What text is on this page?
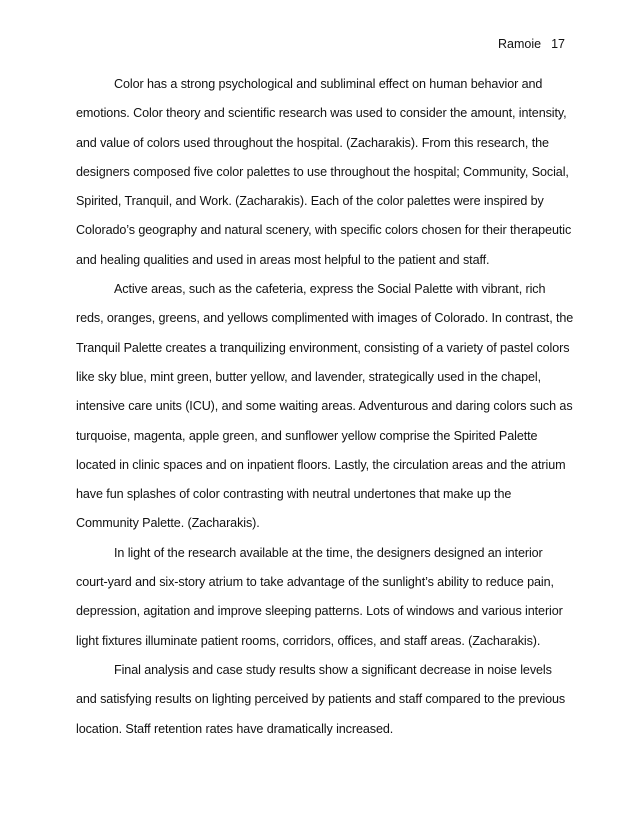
Ramoie 17

Color has a strong psychological and subliminal effect on human behavior and emotions. Color theory and scientific research was used to consider the amount, intensity, and value of colors used throughout the hospital. (Zacharakis). From this research, the designers composed five color palettes to use throughout the hospital; Community, Social, Spirited, Tranquil, and Work. (Zacharakis). Each of the color palettes were inspired by Colorado’s geography and natural scenery, with specific colors chosen for their therapeutic and healing qualities and used in areas most helpful to the patient and staff.

Active areas, such as the cafeteria, express the Social Palette with vibrant, rich reds, oranges, greens, and yellows complimented with images of Colorado. In contrast, the Tranquil Palette creates a tranquilizing environment, consisting of a variety of pastel colors like sky blue, mint green, butter yellow, and lavender, strategically used in the chapel, intensive care units (ICU), and some waiting areas. Adventurous and daring colors such as turquoise, magenta, apple green, and sunflower yellow comprise the Spirited Palette located in clinic spaces and on inpatient floors. Lastly, the circulation areas and the atrium have fun splashes of color contrasting with neutral undertones that make up the Community Palette. (Zacharakis).

In light of the research available at the time, the designers designed an interior court-yard and six-story atrium to take advantage of the sunlight’s ability to reduce pain, depression, agitation and improve sleeping patterns. Lots of windows and various interior light fixtures illuminate patient rooms, corridors, offices, and staff areas. (Zacharakis).

Final analysis and case study results show a significant decrease in noise levels and satisfying results on lighting perceived by patients and staff compared to the previous location. Staff retention rates have dramatically increased.
